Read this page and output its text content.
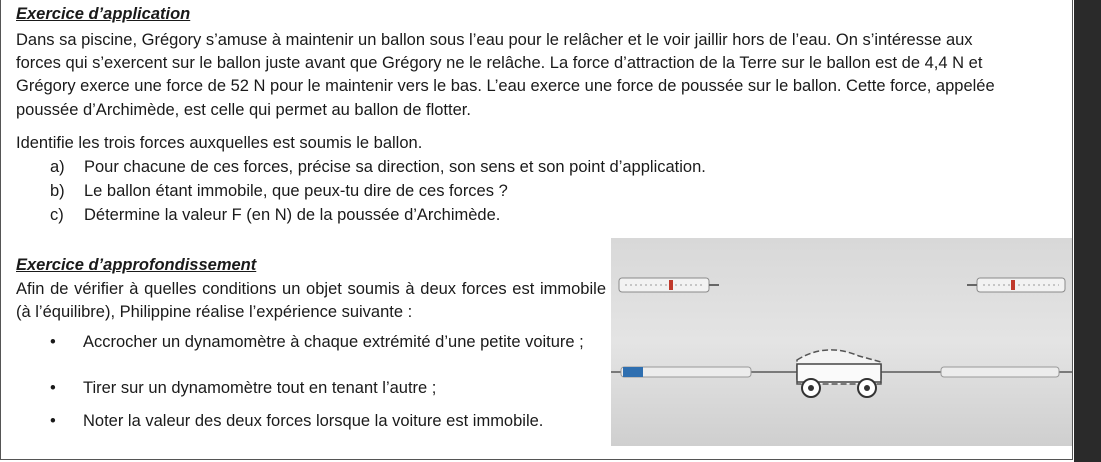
Exercice d’application

Dans sa piscine, Grégory s’amuse à maintenir un ballon sous l’eau pour le relâcher et le voir jaillir hors de l’eau. On s’intéresse aux forces qui s’exercent sur le ballon juste avant que Grégory ne le relâche. La force d’attraction de la Terre sur le ballon est de 4,4 N et Grégory exerce une force de 52 N pour le maintenir vers le bas. L’eau exerce une force de poussée sur le ballon. Cette force, appelée poussée d’Archimède, est celle qui permet au ballon de flotter.

Identifie les trois forces auxquelles est soumis le ballon.

a) Pour chacune de ces forces, précise sa direction, son sens et son point d’application.

b) Le ballon étant immobile, que peux-tu dire de ces forces ?

c) Détermine la valeur F (en N) de la poussée d’Archimède.

Exercice d’approfondissement

Afin de vérifier à quelles conditions un objet soumis à deux forces est immobile (à l’équilibre), Philippine réalise l’expérience suivante :

• Accrocher un dynamomètre à chaque extrémité d’une petite voiture ;
• Tirer sur un dynamomètre tout en tenant l’autre ;
• Noter la valeur des deux forces lorsque la voiture est immobile.
